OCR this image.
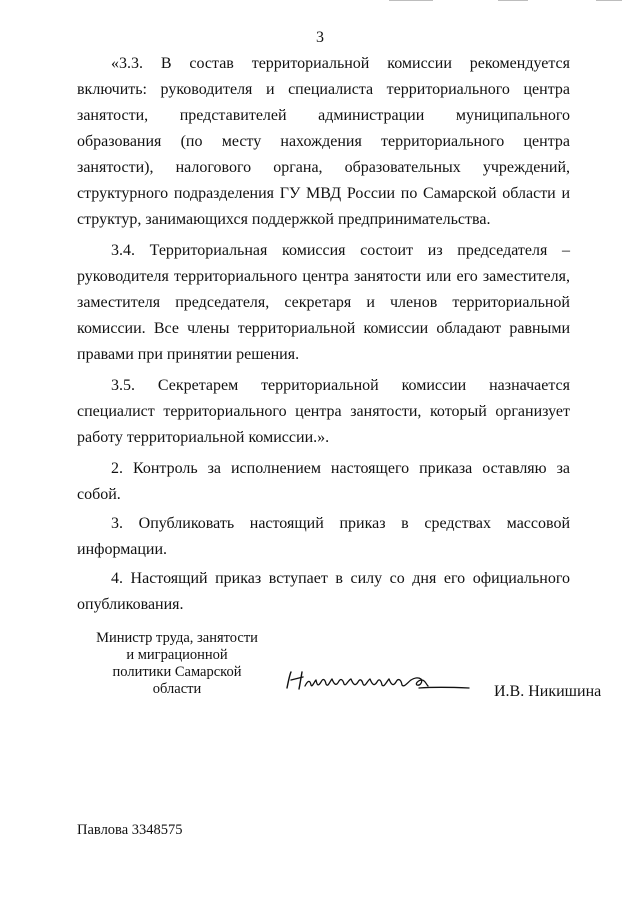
3

«3.3. В состав территориальной комиссии рекомендуется включить: руководителя и специалиста территориального центра занятости, представителей администрации муниципального образования (по месту нахождения территориального центра занятости), налогового органа, образовательных учреждений, структурного подразделения ГУ МВД России по Самарской области и структур, занимающихся поддержкой предпринимательства.

3.4. Территориальная комиссия состоит из председателя – руководителя территориального центра занятости или его заместителя, заместителя председателя, секретаря и членов территориальной комиссии. Все члены территориальной комиссии обладают равными правами при принятии решения.

3.5. Секретарем территориальной комиссии назначается специалист территориального центра занятости, который организует работу территориальной комиссии.».

2. Контроль за исполнением настоящего приказа оставляю за собой.

3. Опубликовать настоящий приказ в средствах массовой информации.

4. Настоящий приказ вступает в силу со дня его официального опубликования.

Министр труда, занятости
и миграционной
политики Самарской
области	И.В. Никишина
Павлова 3348575
